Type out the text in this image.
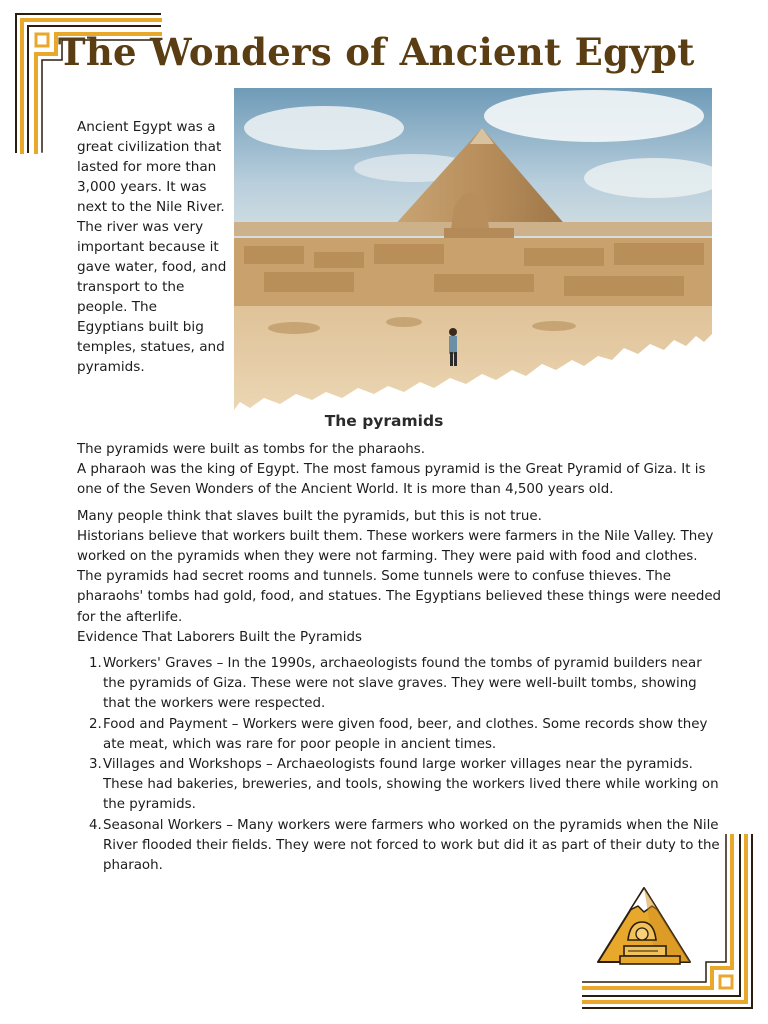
The Wonders of Ancient Egypt

Ancient Egypt was a great civilization that lasted for more than 3,000 years. It was next to the Nile River. The river was very important because it gave water, food, and transport to the people. The Egyptians built big temples, statues, and pyramids.

The pyramids

The pyramids were built as tombs for the pharaohs.

A pharaoh was the king of Egypt. The most famous pyramid is the Great Pyramid of Giza. It is one of the Seven Wonders of the Ancient World. It is more than 4,500 years old.

Many people think that slaves built the pyramids, but this is not true.

Historians believe that workers built them. These workers were farmers in the Nile Valley. They worked on the pyramids when they were not farming. They were paid with food and clothes.

The pyramids had secret rooms and tunnels. Some tunnels were to confuse thieves. The pharaohs' tombs had gold, food, and statues. The Egyptians believed these things were needed for the afterlife.

Evidence That Laborers Built the Pyramids

1. Workers' Graves – In the 1990s, archaeologists found the tombs of pyramid builders near the pyramids of Giza. These were not slave graves. They were well-built tombs, showing that the workers were respected.
2. Food and Payment – Workers were given food, beer, and clothes. Some records show they ate meat, which was rare for poor people in ancient times.
3. Villages and Workshops – Archaeologists found large worker villages near the pyramids. These had bakeries, breweries, and tools, showing the workers lived there while working on the pyramids.
4. Seasonal Workers – Many workers were farmers who worked on the pyramids when the Nile River flooded their fields. They were not forced to work but did it as part of their duty to the pharaoh.
